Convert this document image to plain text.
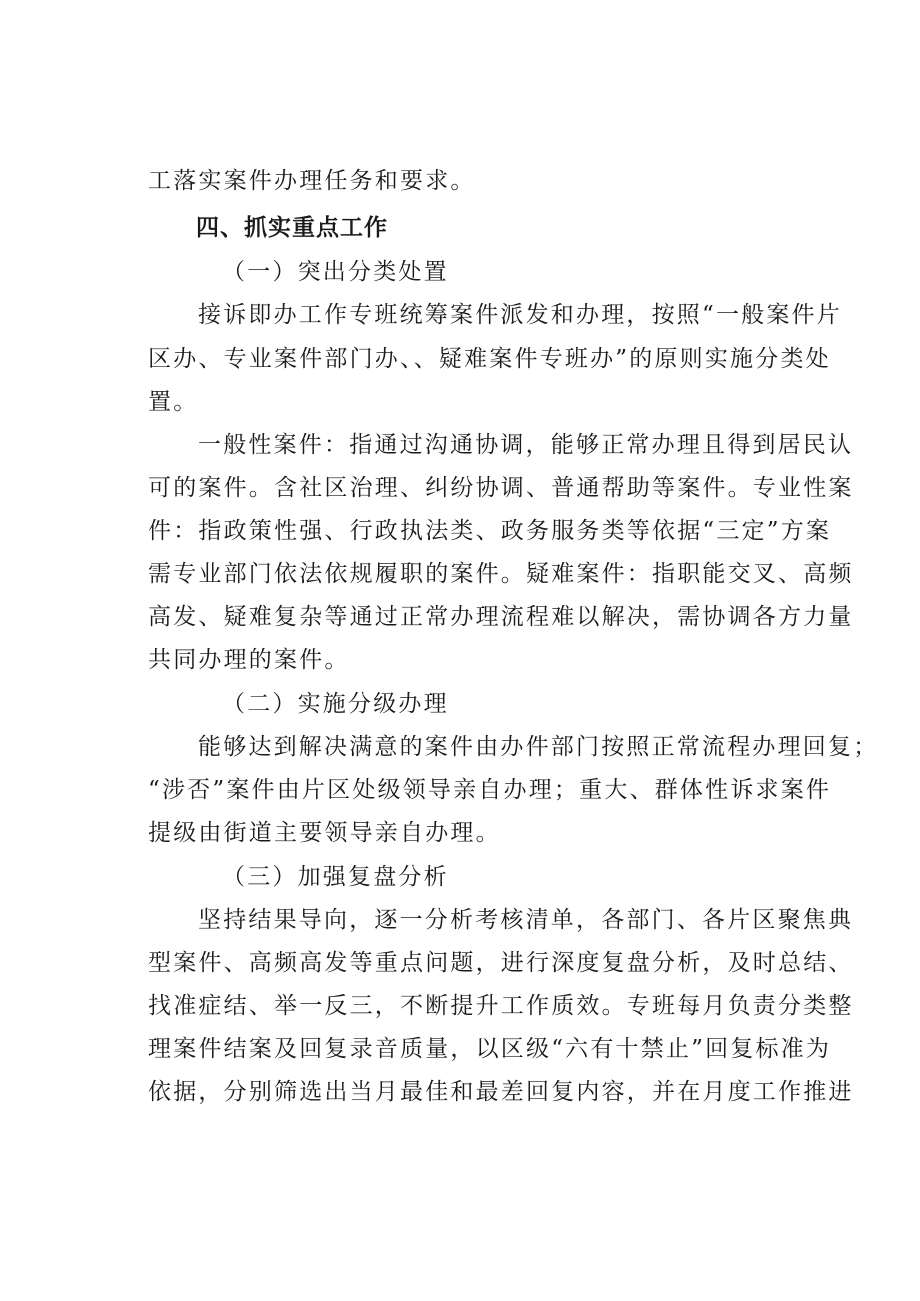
工落实案件办理任务和要求。
四、抓实重点工作
（一）突出分类处置
接诉即办工作专班统筹案件派发和办理，按照“一般案件片
区办、专业案件部门办、、疑难案件专班办”的原则实施分类处
置。
一般性案件：指通过沟通协调，能够正常办理且得到居民认
可的案件。含社区治理、纠纷协调、普通帮助等案件。专业性案
件：指政策性强、行政执法类、政务服务类等依据“三定”方案
需专业部门依法依规履职的案件。疑难案件：指职能交叉、高频
高发、疑难复杂等通过正常办理流程难以解决，需协调各方力量
共同办理的案件。
（二）实施分级办理
能够达到解决满意的案件由办件部门按照正常流程办理回复；
“涉否”案件由片区处级领导亲自办理；重大、群体性诉求案件
提级由街道主要领导亲自办理。
（三）加强复盘分析
坚持结果导向，逐一分析考核清单，各部门、各片区聚焦典
型案件、高频高发等重点问题，进行深度复盘分析，及时总结、
找准症结、举一反三，不断提升工作质效。专班每月负责分类整
理案件结案及回复录音质量，以区级“六有十禁止”回复标准为
依据，分别筛选出当月最佳和最差回复内容，并在月度工作推进
